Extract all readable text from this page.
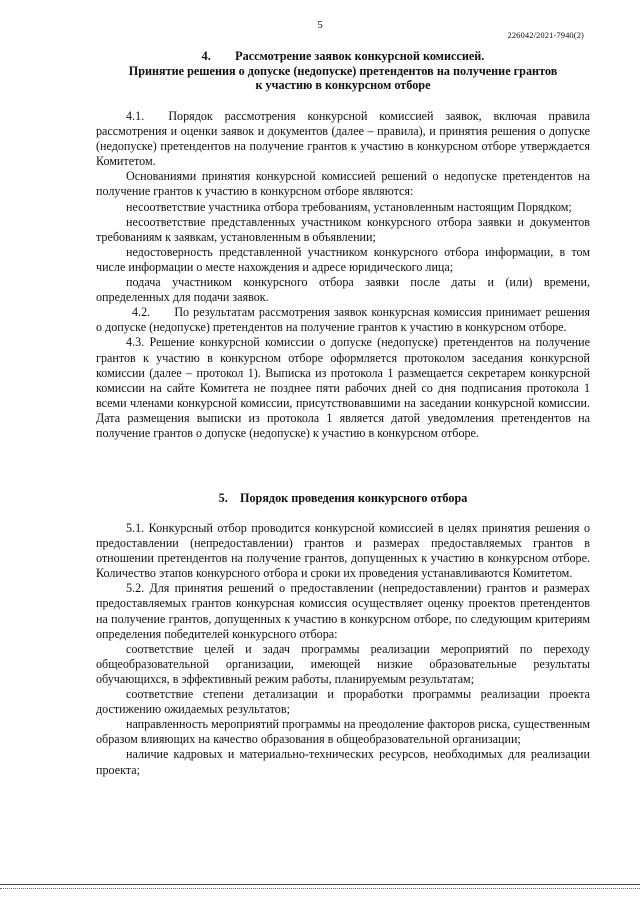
5
226042/2021-7940(2)
4.  Рассмотрение заявок конкурсной комиссией.
Принятие решения о допуске (недопуске) претендентов на получение грантов
к участию в конкурсном отборе

4.1.  Порядок рассмотрения конкурсной комиссией заявок, включая правила рассмотрения и оценки заявок и документов (далее – правила), и принятия решения о допуске (недопуске) претендентов на получение грантов к участию в конкурсном отборе утверждается Комитетом.

Основаниями принятия конкурсной комиссией решений о недопуске претендентов на получение грантов к участию в конкурсном отборе являются:

несоответствие участника отбора требованиям, установленным настоящим Порядком;

несоответствие представленных участником конкурсного отбора заявки и документов требованиям к заявкам, установленным в объявлении;

недостоверность представленной участником конкурсного отбора информации, в том числе информации о месте нахождения и адресе юридического лица;

подача участником конкурсного отбора заявки после даты и (или) времени, определенных для подачи заявок.

4.2.  По результатам рассмотрения заявок конкурсная комиссия принимает решения о допуске (недопуске) претендентов на получение грантов к участию в конкурсном отборе.

4.3. Решение конкурсной комиссии о допуске (недопуске) претендентов на получение грантов к участию в конкурсном отборе оформляется протоколом заседания конкурсной комиссии (далее – протокол 1). Выписка из протокола 1 размещается секретарем конкурсной комиссии на сайте Комитета не позднее пяти рабочих дней со дня подписания протокола 1 всеми членами конкурсной комиссии, присутствовавшими на заседании конкурсной комиссии. Дата размещения выписки из протокола 1 является датой уведомления претендентов на получение грантов о допуске (недопуске) к участию в конкурсном отборе.

5. Порядок проведения конкурсного отбора

5.1. Конкурсный отбор проводится конкурсной комиссией в целях принятия решения о предоставлении (непредоставлении) грантов и размерах предоставляемых грантов в отношении претендентов на получение грантов, допущенных к участию в конкурсном отборе. Количество этапов конкурсного отбора и сроки их проведения устанавливаются Комитетом.

5.2. Для принятия решений о предоставлении (непредоставлении) грантов и размерах предоставляемых грантов конкурсная комиссия осуществляет оценку проектов претендентов на получение грантов, допущенных к участию в конкурсном отборе, по следующим критериям определения победителей конкурсного отбора:

соответствие целей и задач программы реализации мероприятий по переходу общеобразовательной организации, имеющей низкие образовательные результаты обучающихся, в эффективный режим работы, планируемым результатам;

соответствие степени детализации и проработки программы реализации проекта достижению ожидаемых результатов;

направленность мероприятий программы на преодоление факторов риска, существенным образом влияющих на качество образования в общеобразовательной организации;

наличие кадровых и материально-технических ресурсов, необходимых для реализации проекта;
